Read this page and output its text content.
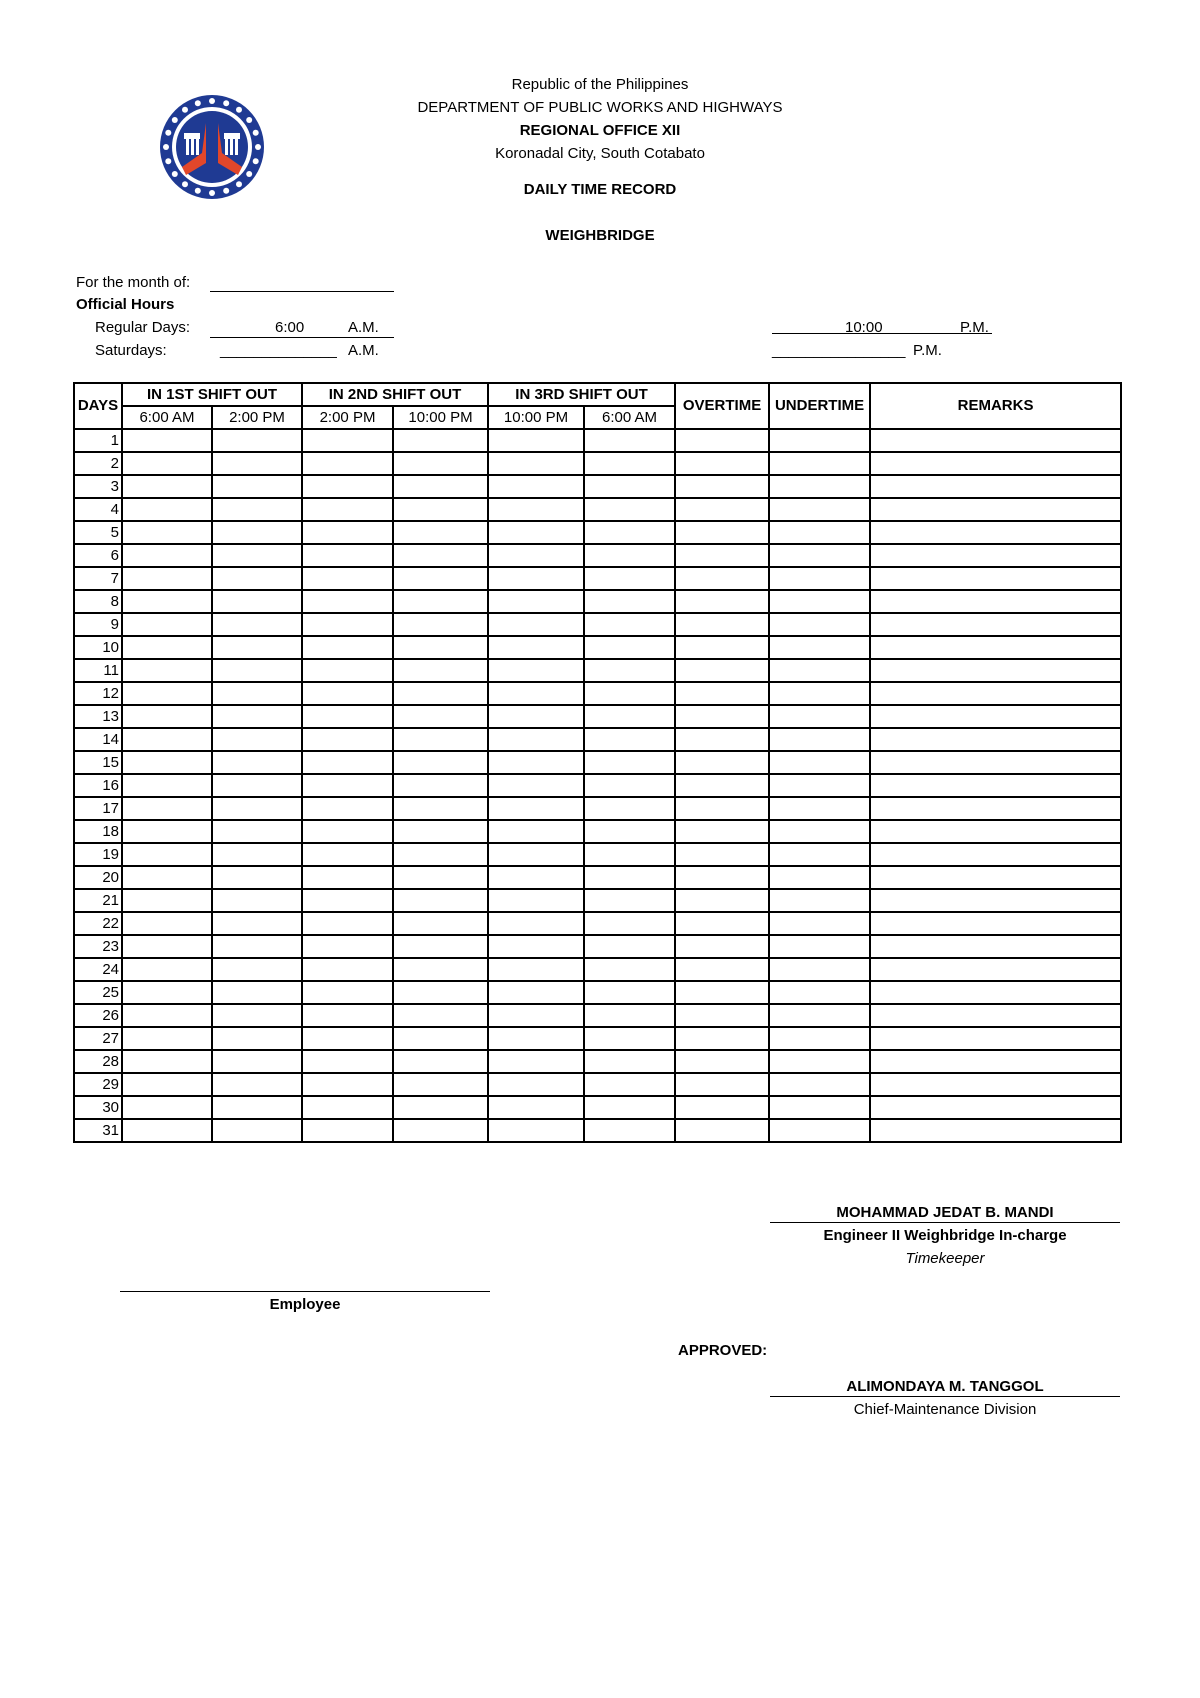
Republic of the Philippines
DEPARTMENT OF PUBLIC WORKS AND HIGHWAYS
REGIONAL OFFICE XII
Koronadal City, South Cotabato
DAILY TIME RECORD
WEIGHBRIDGE
For the month of:
Official Hours
Regular Days:	6:00	A.M.	10:00	P.M.
Saturdays:	______________ A.M.	________________ P.M.
DAYS	IN 1ST SHIFT OUT		IN 2ND SHIFT OUT		IN 3RD SHIFT OUT		OVERTIME	UNDERTIME	REMARKS
	6:00 AM	2:00 PM	2:00 PM	10:00 PM	10:00 PM	6:00 AM			
1									
2									
3									
4									
5									
6									
7									
8									
9									
10									
11									
12									
13									
14									
15									
16									
17									
18									
19									
20									
21									
22									
23									
24									
25									
26									
27									
28									
29									
30									
31									
MOHAMMAD JEDAT B. MANDI
Engineer II Weighbridge In-charge
Timekeeper
Employee
APPROVED:
ALIMONDAYA M. TANGGOL
Chief-Maintenance Division
